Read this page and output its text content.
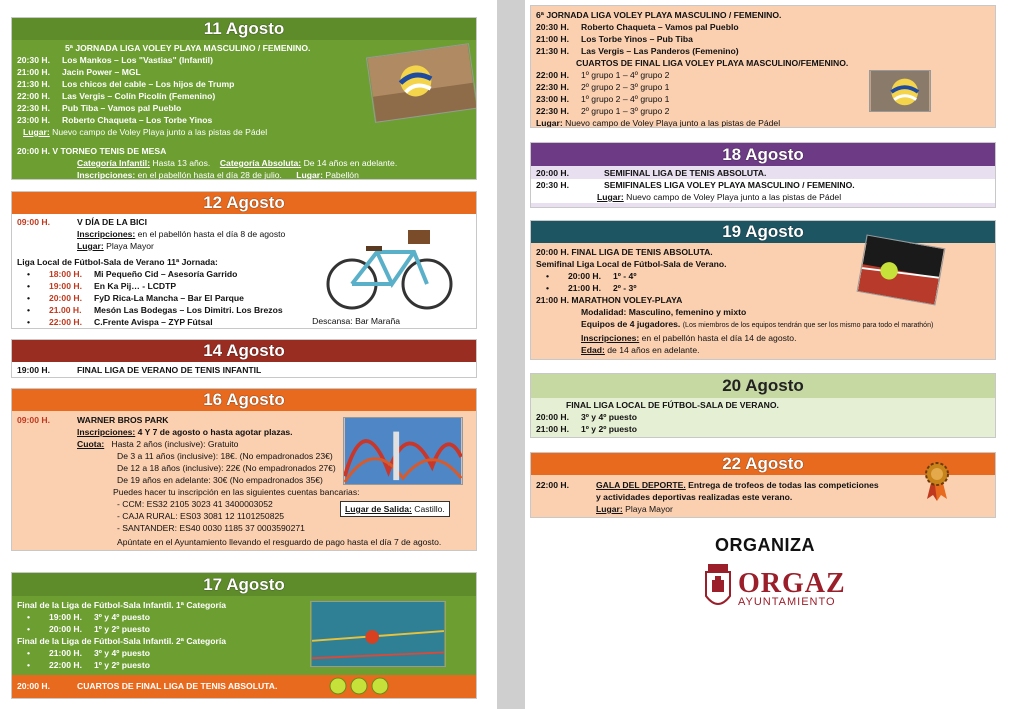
11 Agosto
5ª JORNADA LIGA VOLEY PLAYA MASCULINO / FEMENINO.
20:30 H. Los Mankos – Los "Vastias" (Infantil)
21:00 H. Jacin Power – MGL
21:30 H. Los chicos del cable – Los hijos de Trump
22:00 H. Las Vergis – Colín Picolín (Femenino)
22:30 H. Pub Tiba – Vamos pal Pueblo
23:00 H. Roberto Chaqueta – Los Torbe Yinos
Lugar: Nuevo campo de Voley Playa junto a las pistas de Pádel
20:00 H. V TORNEO TENIS DE MESA
Categoría Infantil: Hasta 13 años. Categoría Absoluta: De 14 años en adelante.
Inscripciones: en el pabellón hasta el día 28 de julio. Lugar: Pabellón
12 Agosto
09:00 H.	V DÍA DE LA BICI
Inscripciones: en el pabellón hasta el día 8 de agosto
Lugar: Playa Mayor
Liga Local de Fútbol-Sala de Verano 11ª Jornada:
• 18:00 H. Mi Pequeño Cid – Asesoría Garrido
• 19:00 H. En Ka Pij… - LCDTP
• 20:00 H. FyD Rica-La Mancha – Bar El Parque
• 21.00 H. Mesón Las Bodegas – Los Dimitri. Los Brezos
• 22:00 H. C.Frente Avispa – ZYP Fútsal	Descansa: Bar Maraña
14 Agosto
19:00 H.	FINAL LIGA DE VERANO DE TENIS INFANTIL
16 Agosto
09:00 H.	WARNER BROS PARK
Inscripciones: 4 Y 7 de agosto o hasta agotar plazas.
Cuota: Hasta 2 años (inclusive): Gratuito
De 3 a 11 años (inclusive): 18€. (No empadronados 23€)
De 12 a 18 años (inclusive): 22€ (No empadronados 27€)
De 19 años en adelante: 30€ (No empadronados 35€)
Puedes hacer tu inscripción en las siguientes cuentas bancarias:
- CCM: ES32 2105 3023 41 3400003052
- CAJA RURAL: ES03 3081 12 1101250825
- SANTANDER: ES40 0030 1185 37 0003590271
Apúntate en el Ayuntamiento llevando el resguardo de pago hasta el día 7 de agosto.
Lugar de Salida: Castillo.
17 Agosto
Final de la Liga de Fútbol-Sala Infantil. 1ª Categoría
• 19:00 H. 3º y 4º puesto
• 20:00 H. 1º y 2º puesto
Final de la Liga de Fútbol-Sala Infantil. 2ª Categoría
• 21:00 H. 3º y 4º puesto
• 22:00 H. 1º y 2º puesto
20:00 H.	CUARTOS DE FINAL LIGA DE TENIS ABSOLUTA.
6ª JORNADA LIGA VOLEY PLAYA MASCULINO / FEMENINO.
20:30 H. Roberto Chaqueta – Vamos pal Pueblo
21:00 H. Los Torbe Yinos – Pub Tiba
21:30 H. Las Vergis – Las Panderos (Femenino)
CUARTOS DE FINAL LIGA VOLEY PLAYA MASCULINO/FEMENINO.
22:00 H. 1º grupo 1 – 4º grupo 2
22:30 H. 2º grupo 2 – 3º grupo 1
23:00 H. 1º grupo 2 – 4º grupo 1
22:30 H. 2º grupo 1 – 3º grupo 2
Lugar: Nuevo campo de Voley Playa junto a las pistas de Pádel
18 Agosto
20:00 H.	SEMIFINAL LIGA DE TENIS ABSOLUTA.
20:30 H.	SEMIFINALES LIGA VOLEY PLAYA MASCULINO / FEMENINO.
Lugar: Nuevo campo de Voley Playa junto a las pistas de Pádel
19 Agosto
20:00 H. FINAL LIGA DE TENIS ABSOLUTA.
Semifinal Liga Local de Fútbol-Sala de Verano.
• 20:00 H. 1º - 4º
• 21:00 H. 2º - 3º
21:00 H. MARATHON VOLEY-PLAYA
Modalidad: Masculino, femenino y mixto
Equipos de 4 jugadores. (Los miembros de los equipos tendrán que ser los mismo para todo el marathón)
Inscripciones: en el pabellón hasta el día 14 de agosto.
Edad: de 14 años en adelante.
20 Agosto
FINAL LIGA LOCAL DE FÚTBOL-SALA DE VERANO.
20:00 H. 3º y 4º puesto
21:00 H. 1º y 2º puesto
22 Agosto
22:00 H.	GALA DEL DEPORTE. Entrega de trofeos de todas las competiciones
y actividades deportivas realizadas este verano.
Lugar: Playa Mayor
ORGANIZA
ORGAZ
AYUNTAMIENTO
